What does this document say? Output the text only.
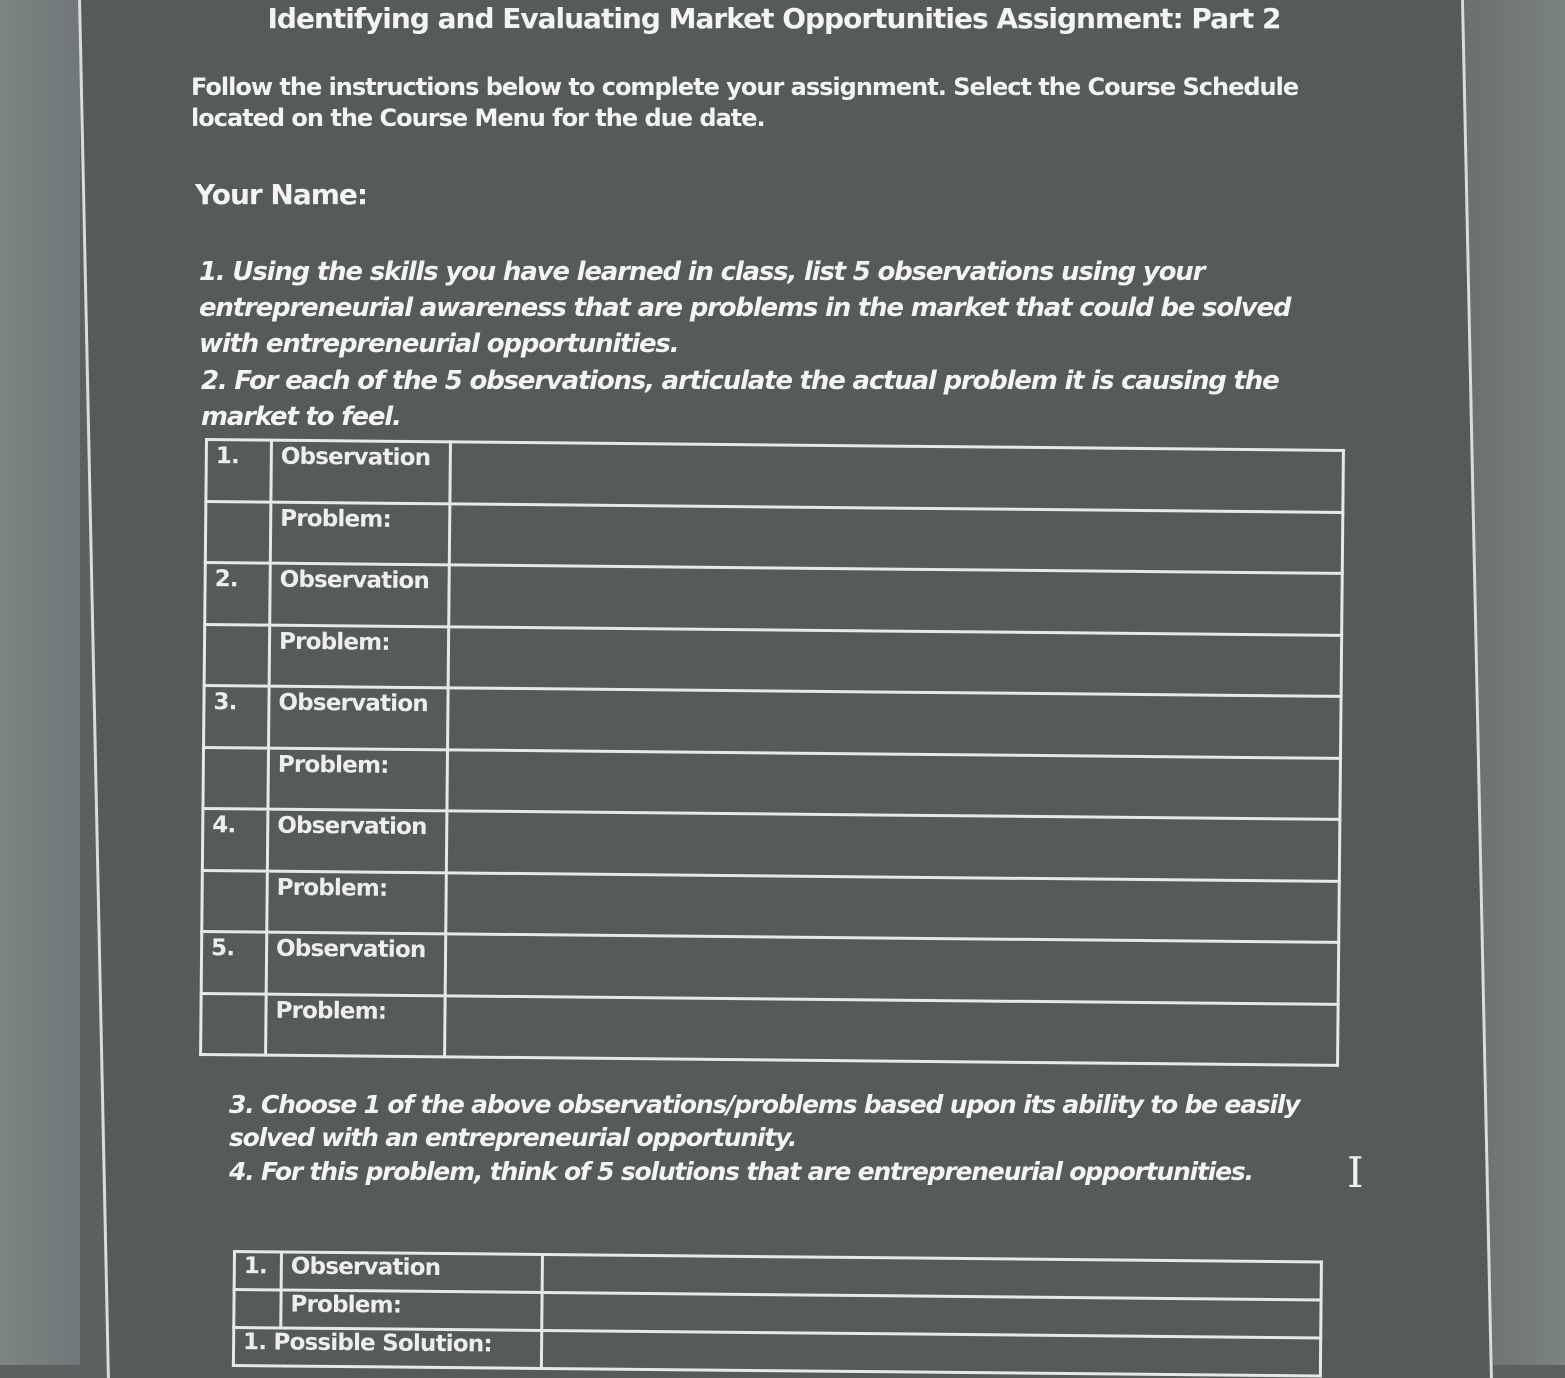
Identifying and Evaluating Market Opportunities Assignment: Part 2
Follow the instructions below to complete your assignment. Select the Course Schedule located on the Course Menu for the due date.
Your Name:
1. Using the skills you have learned in class, list 5 observations using your entrepreneurial awareness that are problems in the market that could be solved with entrepreneurial opportunities.
2. For each of the 5 observations, articulate the actual problem it is causing the market to feel.
1.	Observation	
	Problem:	
2.	Observation	
	Problem:	
3.	Observation	
	Problem:	
4.	Observation	
	Problem:	
5.	Observation	
	Problem:	
3. Choose 1 of the above observations/problems based upon its ability to be easily solved with an entrepreneurial opportunity.
4. For this problem, think of 5 solutions that are entrepreneurial opportunities.	I
1.	Observation	
	Problem:	
1. Possible Solution:		
